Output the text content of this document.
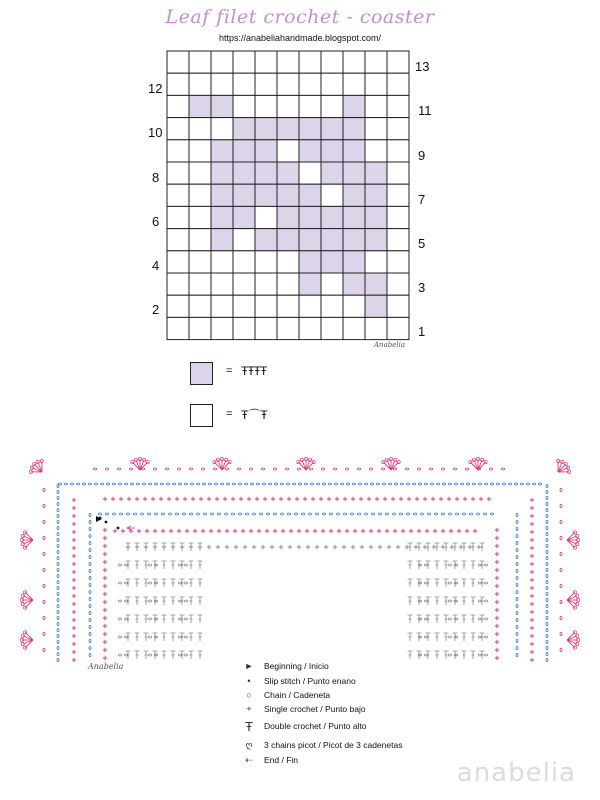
Leaf filet crochet - coaster
https://anabeliahandmade.blogspot.com/
13
11
9
7
5
3
1
12
10
8
6
4
2
Anabelia
= ŦŦŦŦ
= Ŧ⌒Ŧ
Anabelia	►	Beginning / Inicio
•	Slip stitch / Punto enano
○	Chain / Cadeneta
+	Single crochet / Punto bajo
Ŧ	Double crochet / Punto alto
ღ	3 chains picot / Picot de 3 cadenetas
⇠	End / Fin	anabelia
